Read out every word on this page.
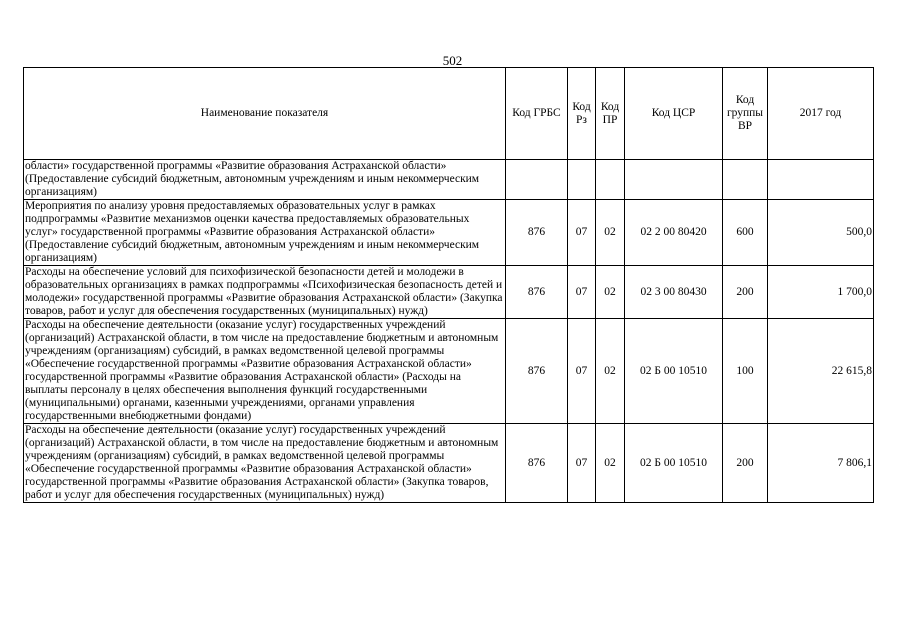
502
Наименование показателя	Код ГРБС	Код Рз	Код ПР	Код ЦСР	Код группы ВР	2017 год
области» государственной программы «Развитие образования Астраханской области» (Предоставление субсидий бюджетным, автономным учреждениям и иным некоммерческим организациям)						
Мероприятия по анализу уровня предоставляемых образовательных услуг в рамках подпрограммы «Развитие механизмов оценки качества предоставляемых образовательных услуг» государственной программы «Развитие образования Астраханской области» (Предоставление субсидий бюджетным, автономным учреждениям и иным некоммерческим организациям)	876	07	02	02 2 00 80420	600	500,0
Расходы на обеспечение условий для психофизической безопасности детей и молодежи в образовательных организациях в рамках подпрограммы «Психофизическая безопасность детей и молодежи» государственной программы «Развитие образования Астраханской области» (Закупка товаров, работ и услуг для обеспечения государственных (муниципальных) нужд)	876	07	02	02 3 00 80430	200	1 700,0
Расходы на обеспечение деятельности (оказание услуг) государственных учреждений (организаций) Астраханской области, в том числе на предоставление бюджетным и автономным учреждениям (организациям) субсидий, в рамках ведомственной целевой программы «Обеспечение государственной программы «Развитие образования Астраханской области» государственной программы «Развитие образования Астраханской области» (Расходы на выплаты персоналу в целях обеспечения выполнения функций государственными (муниципальными) органами, казенными учреждениями, органами управления государственными внебюджетными фондами)	876	07	02	02 Б 00 10510	100	22 615,8
Расходы на обеспечение деятельности (оказание услуг) государственных учреждений (организаций) Астраханской области, в том числе на предоставление бюджетным и автономным учреждениям (организациям) субсидий, в рамках ведомственной целевой программы «Обеспечение государственной программы «Развитие образования Астраханской области» государственной программы «Развитие образования Астраханской области» (Закупка товаров, работ и услуг для обеспечения государственных (муниципальных) нужд)	876	07	02	02 Б 00 10510	200	7 806,1
